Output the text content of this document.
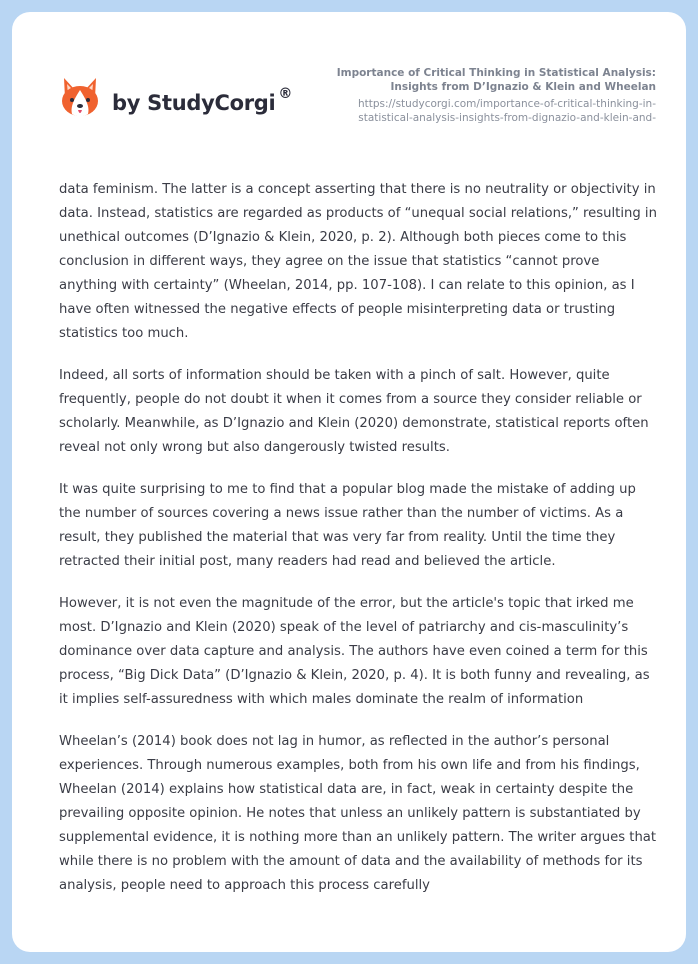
by StudyCorgi ®
Importance of Critical Thinking in Statistical Analysis: Insights from D’Ignazio & Klein and Wheelan
https://studycorgi.com/importance-of-critical-thinking-in-statistical-analysis-insights-from-dignazio-and-klein-and-

data feminism. The latter is a concept asserting that there is no neutrality or objectivity in data. Instead, statistics are regarded as products of “unequal social relations,” resulting in unethical outcomes (D’Ignazio & Klein, 2020, p. 2). Although both pieces come to this conclusion in different ways, they agree on the issue that statistics “cannot prove anything with certainty” (Wheelan, 2014, pp. 107-108). I can relate to this opinion, as I have often witnessed the negative effects of people misinterpreting data or trusting statistics too much.

Indeed, all sorts of information should be taken with a pinch of salt. However, quite frequently, people do not doubt it when it comes from a source they consider reliable or scholarly. Meanwhile, as D’Ignazio and Klein (2020) demonstrate, statistical reports often reveal not only wrong but also dangerously twisted results.

It was quite surprising to me to find that a popular blog made the mistake of adding up the number of sources covering a news issue rather than the number of victims. As a result, they published the material that was very far from reality. Until the time they retracted their initial post, many readers had read and believed the article.

However, it is not even the magnitude of the error, but the article's topic that irked me most. D’Ignazio and Klein (2020) speak of the level of patriarchy and cis-masculinity’s dominance over data capture and analysis. The authors have even coined a term for this process, “Big Dick Data” (D’Ignazio & Klein, 2020, p. 4). It is both funny and revealing, as it implies self-assuredness with which males dominate the realm of information

Wheelan’s (2014) book does not lag in humor, as reflected in the author’s personal experiences. Through numerous examples, both from his own life and from his findings, Wheelan (2014) explains how statistical data are, in fact, weak in certainty despite the prevailing opposite opinion. He notes that unless an unlikely pattern is substantiated by supplemental evidence, it is nothing more than an unlikely pattern. The writer argues that while there is no problem with the amount of data and the availability of methods for its analysis, people need to approach this process carefully
